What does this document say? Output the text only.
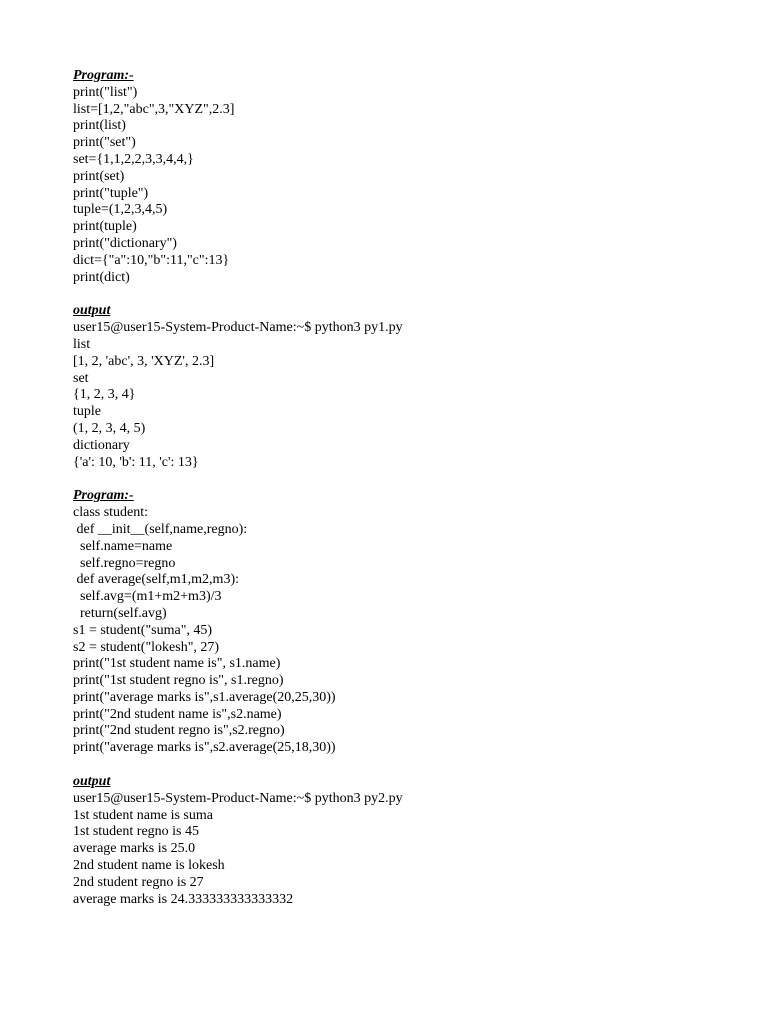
Program:-
print("list")
list=[1,2,"abc",3,"XYZ",2.3]
print(list)
print("set")
set={1,1,2,2,3,3,4,4,}
print(set)
print("tuple")
tuple=(1,2,3,4,5)
print(tuple)
print("dictionary")
dict={"a":10,"b":11,"c":13}
print(dict)
output
user15@user15-System-Product-Name:~$ python3 py1.py
list
[1, 2, 'abc', 3, 'XYZ', 2.3]
set
{1, 2, 3, 4}
tuple
(1, 2, 3, 4, 5)
dictionary
{'a': 10, 'b': 11, 'c': 13}
Program:-
class student:
def __init__(self,name,regno):
self.name=name
self.regno=regno
def average(self,m1,m2,m3):
self.avg=(m1+m2+m3)/3
return(self.avg)
s1 = student("suma", 45)
s2 = student("lokesh", 27)
print("1st student name is", s1.name)
print("1st student regno is", s1.regno)
print("average marks is",s1.average(20,25,30))
print("2nd student name is",s2.name)
print("2nd student regno is",s2.regno)
print("average marks is",s2.average(25,18,30))
output
user15@user15-System-Product-Name:~$ python3 py2.py
1st student name is suma
1st student regno is 45
average marks is 25.0
2nd student name is lokesh
2nd student regno is 27
average marks is 24.333333333333332
